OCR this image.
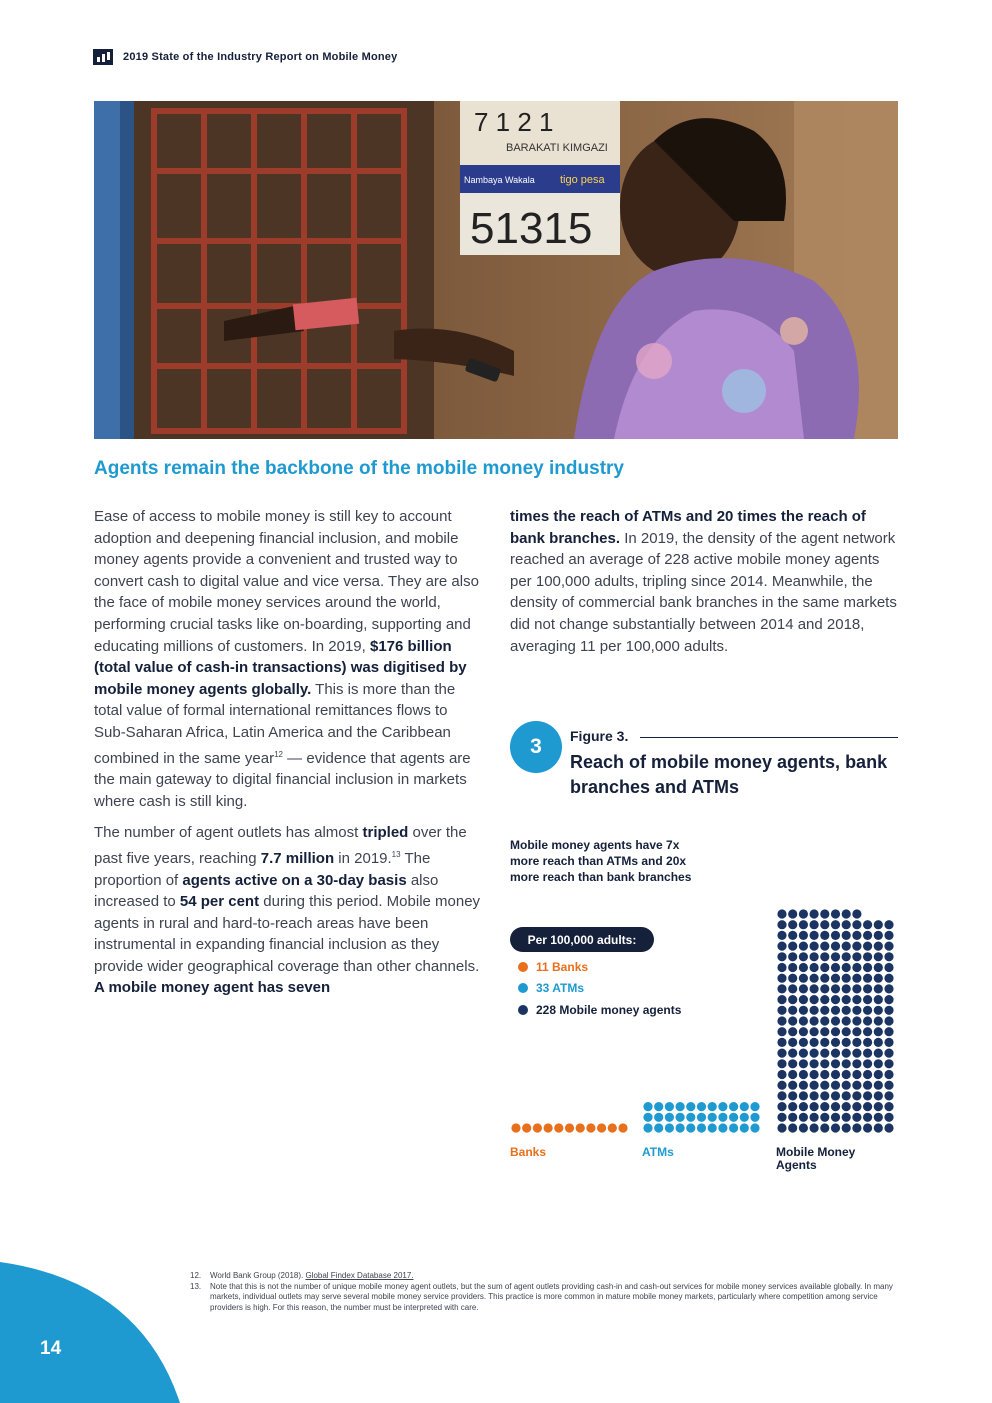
2019 State of the Industry Report on Mobile Money
7 1 2 1
BARAKATI KIMGAZI
Nambaya Wakala tigo pesa
51315
Agents remain the backbone of the mobile money industry

Ease of access to mobile money is still key to account adoption and deepening financial inclusion, and mobile money agents provide a convenient and trusted way to convert cash to digital value and vice versa. They are also the face of mobile money services around the world, performing crucial tasks like on-boarding, supporting and educating millions of customers. In 2019, $176 billion (total value of cash-in transactions) was digitised by mobile money agents globally. This is more than the total value of formal international remittances flows to Sub-Saharan Africa, Latin America and the Caribbean combined in the same year$^{12}$ — evidence that agents are the main gateway to digital financial inclusion in markets where cash is still king.

The number of agent outlets has almost tripled over the past five years, reaching 7.7 million in 2019.13 The proportion of agents active on a 30-day basis also increased to 54 per cent during this period. Mobile money agents in rural and hard-to-reach areas have been instrumental in expanding financial inclusion as they provide wider geographical coverage than other channels. A mobile money agent has seven

times the reach of ATMs and 20 times the reach of bank branches. In 2019, the density of the agent network reached an average of 228 active mobile money agents per 100,000 adults, tripling since 2014. Meanwhile, the density of commercial bank branches in the same markets did not change substantially between 2014 and 2018, averaging 11 per 100,000 adults.

3	Figure 3.
Reach of mobile money agents, bank branches and ATMs
Mobile money agents have 7x more reach than ATMs and 20x more reach than bank branches
Per 100,000 adults:
11 Banks
33 ATMs
228 Mobile money agents
Banks	ATMs	Mobile Money Agents
12.	World Bank Group (2018). Global Findex Database 2017.
13.	Note that this is not the number of unique mobile money agent outlets, but the sum of agent outlets providing cash-in and cash-out services for mobile money services available globally. In many markets, individual outlets may serve several mobile money service providers. This practice is more common in mature mobile money markets, particularly where competition among service providers is high. For this reason, the number must be interpreted with care.
14
